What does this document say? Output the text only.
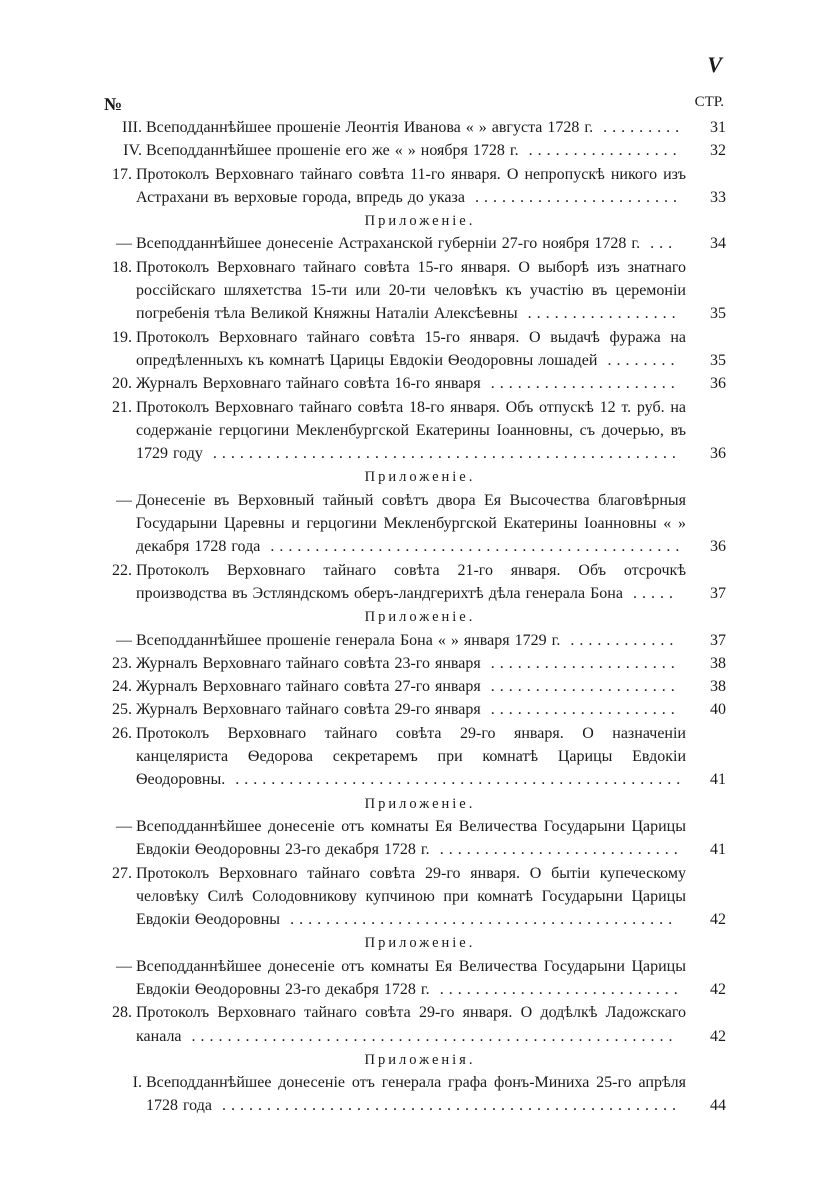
V
№	СТР.
III. Всеподданнѣйшее прошеніе Леонтія Иванова « » августа 1728 г. .........	31
IV. Всеподданнѣйшее прошеніе его же « » ноября 1728 г. .................	32
17. Протоколъ Верховнаго тайнаго совѣта 11-го января. О непропускѣ никого изъ Астрахани въ верховые города, впредь до указа .......................	33
Приложеніе.
— Всеподданнѣйшее донесеніе Астраханской губерніи 27-го ноября 1728 г. ...	34
18. Протоколъ Верховнаго тайнаго совѣта 15-го января. О выборѣ изъ знатнаго россійскаго шляхетства 15-ти или 20-ти человѣкъ къ участію въ церемоніи погребенія тѣла Великой Княжны Наталіи Алексѣевны .................	35
19. Протоколъ Верховнаго тайнаго совѣта 15-го января. О выдачѣ фуража на опредѣленныхъ къ комнатѣ Царицы Евдокіи Ѳеодоровны лошадей ........	35
20. Журналъ Верховнаго тайнаго совѣта 16-го января .....................	36
21. Протоколъ Верховнаго тайнаго совѣта 18-го января. Объ отпускѣ 12 т. руб. на содержаніе герцогини Мекленбургской Екатерины Іоанновны, съ дочерью, въ 1729 году ....................................................	36
Приложеніе.
— Донесеніе въ Верховный тайный совѣтъ двора Ея Высочества благовѣрныя Государыни Царевны и герцогини Мекленбургской Екатерины Іоанновны « » декабря 1728 года ..............................................	36
22. Протоколъ Верховнаго тайнаго совѣта 21-го января. Объ отсрочкѣ производства въ Эстляндскомъ оберъ-ландгерихтѣ дѣла генерала Бона .....	37
Приложеніе.
— Всеподданнѣйшее прошеніе генерала Бона « » января 1729 г. ............	37
23. Журналъ Верховнаго тайнаго совѣта 23-го января .....................	38
24. Журналъ Верховнаго тайнаго совѣта 27-го января .....................	38
25. Журналъ Верховнаго тайнаго совѣта 29-го января .....................	40
26. Протоколъ Верховнаго тайнаго совѣта 29-го января. О назначеніи канцеляриста Ѳедорова секретаремъ при комнатѣ Царицы Евдокіи Ѳеодоровны. ..................................................	41
Приложеніе.
— Всеподданнѣйшее донесеніе отъ комнаты Ея Величества Государыни Царицы Евдокіи Ѳеодоровны 23-го декабря 1728 г. ...........................	41
27. Протоколъ Верховнаго тайнаго совѣта 29-го января. О бытіи купеческому человѣку Силѣ Солодовникову купчиною при комнатѣ Государыни Царицы Евдокіи Ѳеодоровны ...........................................	42
Приложеніе.
— Всеподданнѣйшее донесеніе отъ комнаты Ея Величества Государыни Царицы Евдокіи Ѳеодоровны 23-го декабря 1728 г. ...........................	42
28. Протоколъ Верховнаго тайнаго совѣта 29-го января. О додѣлкѣ Ладожскаго канала ......................................................	42
Приложенія.
I. Всеподданнѣйшее донесеніе отъ генерала графа фонъ-Миниха 25-го апрѣля 1728 года ...................................................	44
